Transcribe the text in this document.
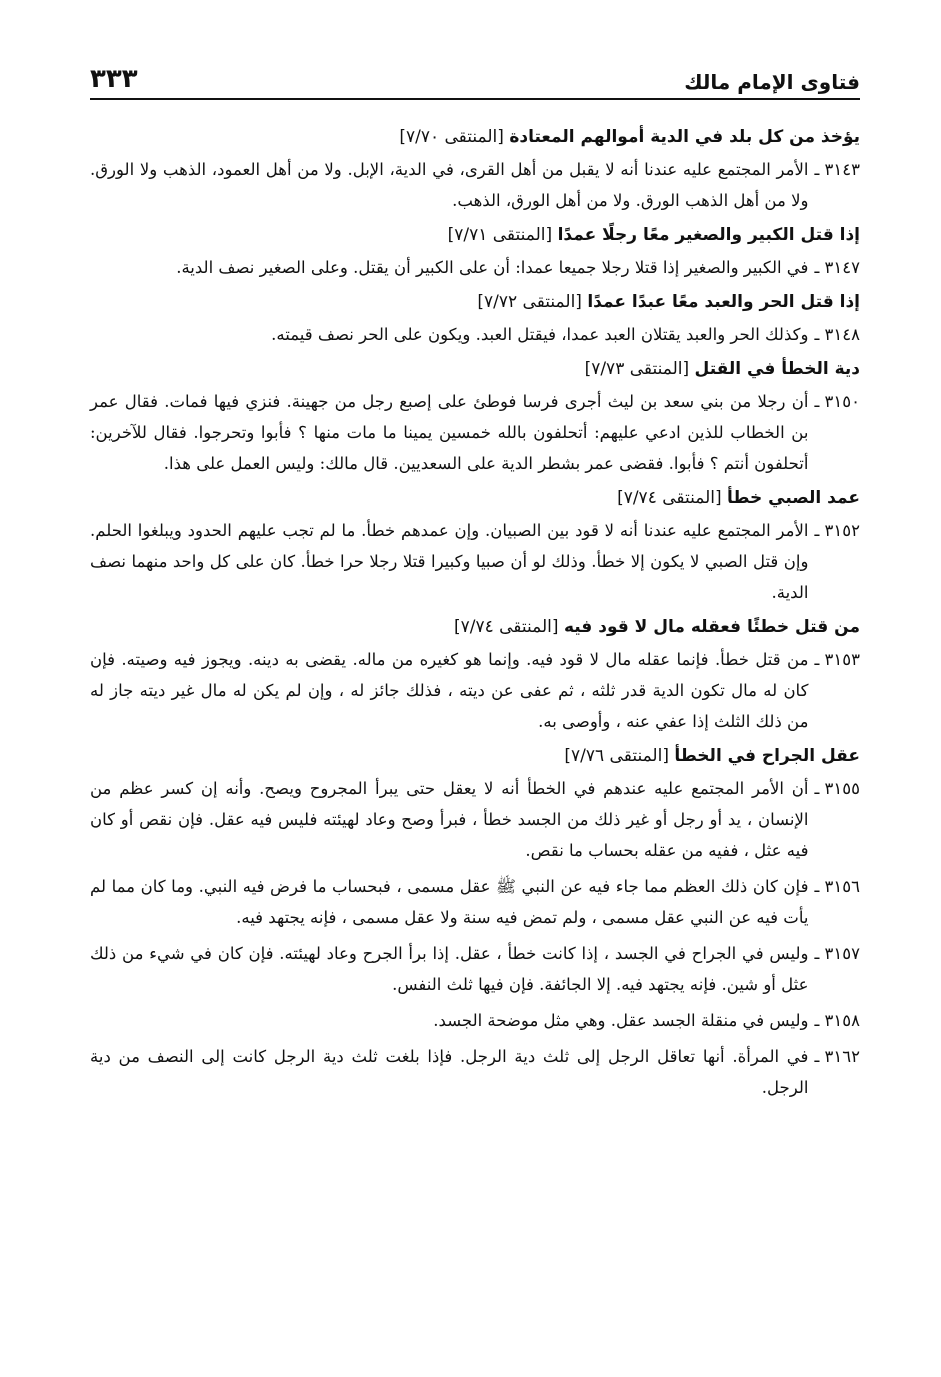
فتاوى الإمام مالك
٣٣٣
يؤخذ من كل بلد في الدية أموالهم المعتادة [المنتقى ٧/٧٠]
٣١٤٣ ـ
الأمر المجتمع عليه عندنا أنه لا يقبل من أهل القرى، في الدية، الإبل. ولا من أهل العمود، الذهب ولا الورق. ولا من أهل الذهب الورق. ولا من أهل الورق، الذهب.
إذا قتل الكبير والصغير معًا رجلًا عمدًا [المنتقى ٧/٧١]
٣١٤٧ ـ
في الكبير والصغير إذا قتلا رجلا جميعا عمدا: أن على الكبير أن يقتل. وعلى الصغير نصف الدية.
إذا قتل الحر والعبد معًا عبدًا عمدًا [المنتقى ٧/٧٢]
٣١٤٨ ـ
وكذلك الحر والعبد يقتلان العبد عمدا، فيقتل العبد. ويكون على الحر نصف قيمته.
دية الخطأ في القتل [المنتقى ٧/٧٣]
٣١٥٠ ـ
أن رجلا من بني سعد بن ليث أجرى فرسا فوطئ على إصبع رجل من جهينة. فنزي فيها فمات. فقال عمر بن الخطاب للذين ادعي عليهم: أتحلفون بالله خمسين يمينا ما مات منها ؟ فأبوا وتحرجوا. فقال للآخرين: أتحلفون أنتم ؟ فأبوا. فقضى عمر بشطر الدية على السعديين. قال مالك: وليس العمل على هذا.
عمد الصبي خطأ [المنتقى ٧/٧٤]
٣١٥٢ ـ
الأمر المجتمع عليه عندنا أنه لا قود بين الصبيان. وإن عمدهم خطأ. ما لم تجب عليهم الحدود ويبلغوا الحلم. وإن قتل الصبي لا يكون إلا خطأ. وذلك لو أن صبيا وكبيرا قتلا رجلا حرا خطأ. كان على كل واحد منهما نصف الدية.
من قتل خطئًا فعقله مال لا قود فيه [المنتقى ٧/٧٤]
٣١٥٣ ـ
من قتل خطأ. فإنما عقله مال لا قود فيه. وإنما هو كغيره من ماله. يقضى به دينه. ويجوز فيه وصيته. فإن كان له مال تكون الدية قدر ثلثه ، ثم عفى عن ديته ، فذلك جائز له ، وإن لم يكن له مال غير ديته جاز له من ذلك الثلث إذا عفي عنه ، وأوصى به.
عقل الجراح في الخطأ [المنتقى ٧/٧٦]
٣١٥٥ ـ
أن الأمر المجتمع عليه عندهم في الخطأ أنه لا يعقل حتى يبرأ المجروح ويصح. وأنه إن كسر عظم من الإنسان ، يد أو رجل أو غير ذلك من الجسد خطأ ، فبرأ وصح وعاد لهيئته فليس فيه عقل. فإن نقص أو كان فيه عثل ، ففيه من عقله بحساب ما نقص.
٣١٥٦ ـ
فإن كان ذلك العظم مما جاء فيه عن النبي ﷺ عقل مسمى ، فبحساب ما فرض فيه النبي. وما كان مما لم يأت فيه عن النبي عقل مسمى ، ولم تمض فيه سنة ولا عقل مسمى ، فإنه يجتهد فيه.
٣١٥٧ ـ
وليس في الجراح في الجسد ، إذا كانت خطأ ، عقل. إذا برأ الجرح وعاد لهيئته. فإن كان في شيء من ذلك عثل أو شين. فإنه يجتهد فيه. إلا الجائفة. فإن فيها ثلث النفس.
٣١٥٨ ـ
وليس في منقلة الجسد عقل. وهي مثل موضحة الجسد.
٣١٦٢ ـ
في المرأة. أنها تعاقل الرجل إلى ثلث دية الرجل. فإذا بلغت ثلث دية الرجل كانت إلى النصف من دية الرجل.
